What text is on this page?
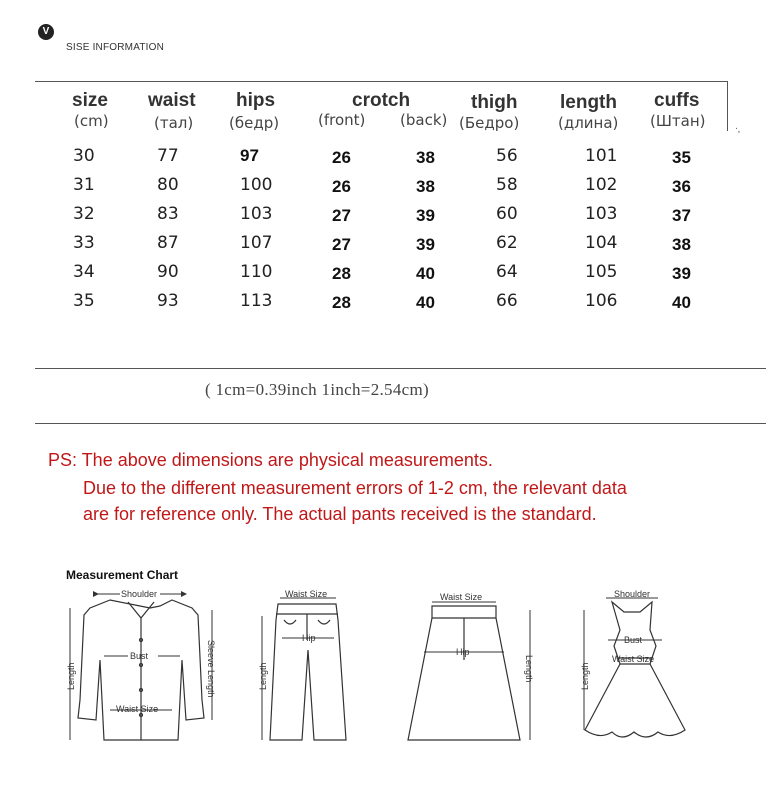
V
SISE INFORMATION
ᐧ,
size
(cm)
waist
(тал)
hips
(бедр)
crotch
(front) (back)
thigh
(Бедро)
length
(длина)
cuffs
(Штан)
30	77	97	26	38	56	101	35
31	80	100	26	38	58	102	36
32	83	103	27	39	60	103	37
33	87	107	27	39	62	104	38
34	90	110	28	40	64	105	39
35	93	113	28	40	66	106	40
( 1cm=0.39inch 1inch=2.54cm)
PS: The above dimensions are physical measurements.
Due to the different measurement errors of 1-2 cm, the relevant data
are for reference only. The actual pants received is the standard.
Measurement Chart
Shoulder
Bust
Waist Size
Length	Sleeve Length
Waist Size
Hip
Length
Waist Size
Hip
Length
Shoulder
Bust
Waist Size
Length
